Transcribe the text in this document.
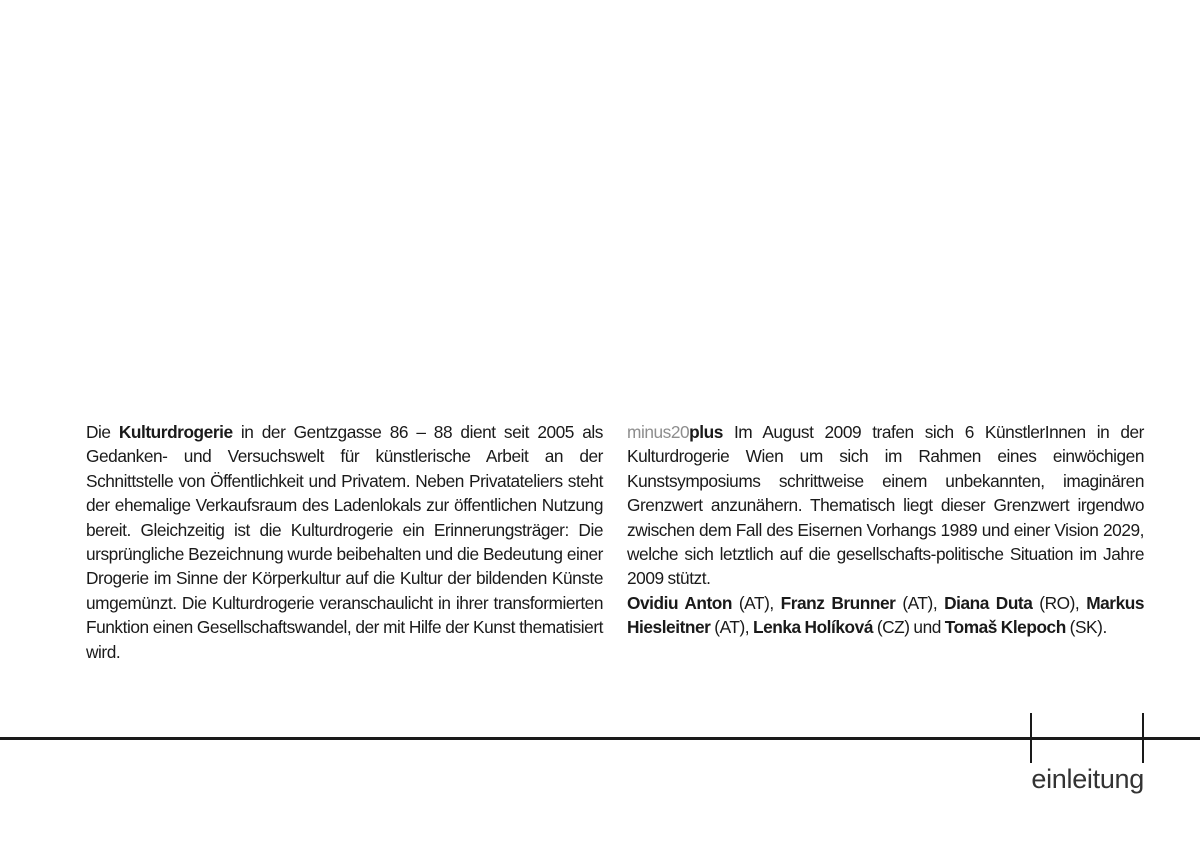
Die Kulturdrogerie in der Gentzgasse 86 – 88 dient seit 2005 als Gedanken- und Versuchswelt für künstlerische Arbeit an der Schnittstelle von Öffentlichkeit und Privatem. Neben Privatateliers steht der ehemalige Verkaufsraum des Ladenlokals zur öffentlichen Nutzung bereit. Gleichzeitig ist die Kulturdrogerie ein Erinnerungsträger: Die ursprüngliche Bezeichnung wurde beibehalten und die Bedeutung einer Drogerie im Sinne der Körperkultur auf die Kultur der bildenden Künste umgemünzt. Die Kulturdrogerie veranschaulicht in ihrer transformierten Funktion einen Gesellschaftswandel, der mit Hilfe der Kunst thematisiert wird.

minus20plus Im August 2009 trafen sich 6 KünstlerInnen in der Kulturdrogerie Wien um sich im Rahmen eines einwöchigen Kunstsymposiums schrittweise einem unbekannten, imaginären Grenzwert anzunähern. Thematisch liegt dieser Grenzwert irgendwo zwischen dem Fall des Eisernen Vorhangs 1989 und einer Vision 2029, welche sich letztlich auf die gesellschafts-politische Situation im Jahre 2009 stützt.

Ovidiu Anton (AT), Franz Brunner (AT), Diana Duta (RO), Markus Hiesleitner (AT), Lenka Holíková (CZ) und Tomaš Klepoch (SK).

einleitung
